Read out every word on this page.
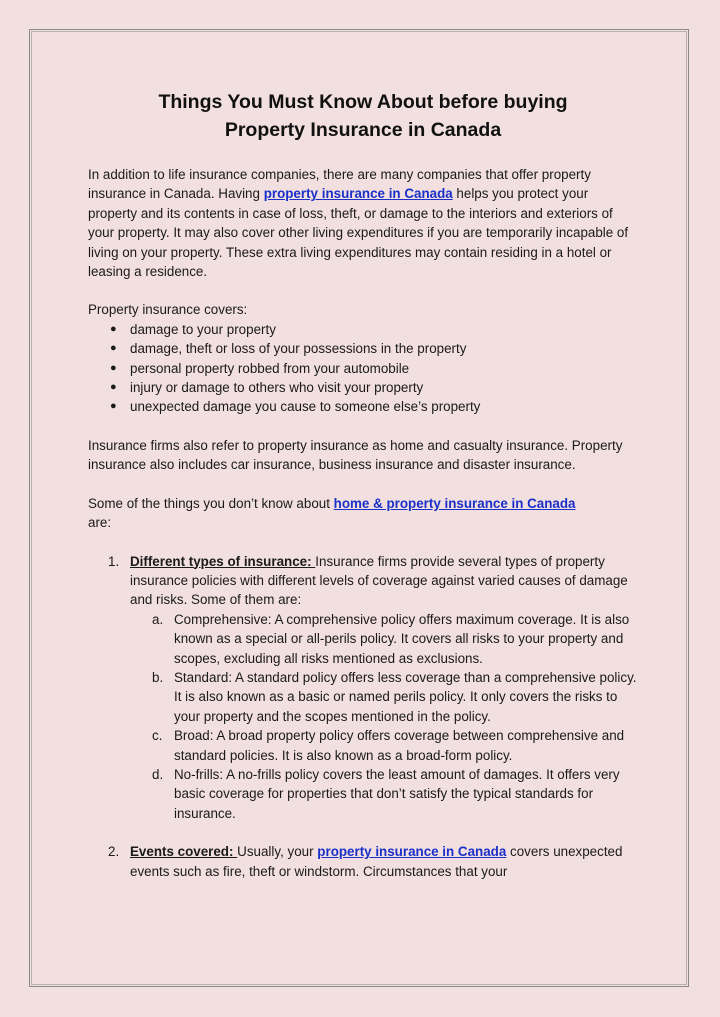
Things You Must Know About before buying
Property Insurance in Canada

In addition to life insurance companies, there are many companies that offer property insurance in Canada. Having property insurance in Canada helps you protect your property and its contents in case of loss, theft, or damage to the interiors and exteriors of your property. It may also cover other living expenditures if you are temporarily incapable of living on your property. These extra living expenditures may contain residing in a hotel or leasing a residence.

Property insurance covers:

● damage to your property
● damage, theft or loss of your possessions in the property
● personal property robbed from your automobile
● injury or damage to others who visit your property
● unexpected damage you cause to someone else’s property

Insurance firms also refer to property insurance as home and casualty insurance. Property insurance also includes car insurance, business insurance and disaster insurance.

Some of the things you don’t know about home & property insurance in Canada
are:

1. Different types of insurance: Insurance firms provide several types of property insurance policies with different levels of coverage against varied causes of damage and risks. Some of them are:
a. Comprehensive: A comprehensive policy offers maximum coverage. It is also known as a special or all-perils policy. It covers all risks to your property and scopes, excluding all risks mentioned as exclusions.
b. Standard: A standard policy offers less coverage than a comprehensive policy. It is also known as a basic or named perils policy. It only covers the risks to your property and the scopes mentioned in the policy.
c. Broad: A broad property policy offers coverage between comprehensive and standard policies. It is also known as a broad-form policy.
d. No-frills: A no-frills policy covers the least amount of damages. It offers very basic coverage for properties that don’t satisfy the typical standards for insurance.
2. Events covered: Usually, your property insurance in Canada covers unexpected events such as fire, theft or windstorm. Circumstances that your
